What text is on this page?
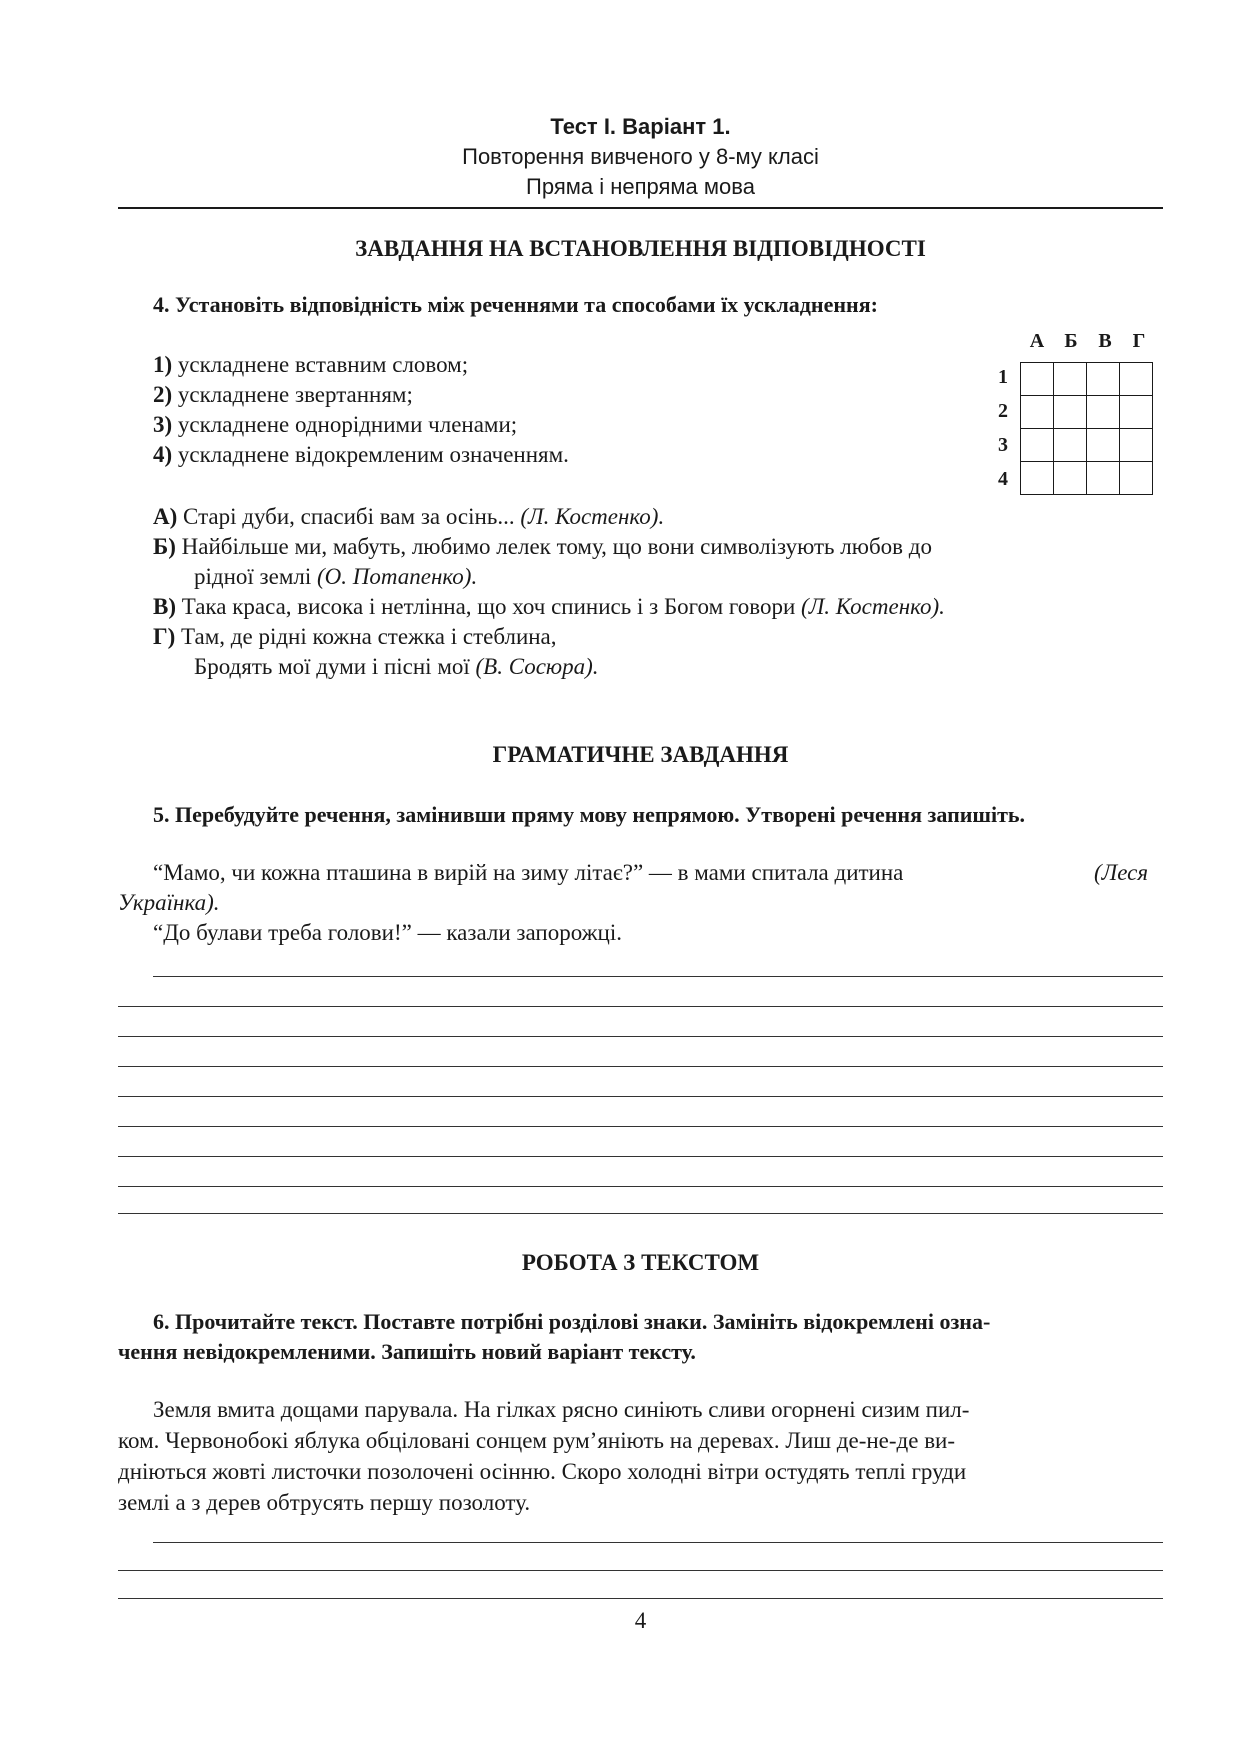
Тест I. Варіант 1.
Повторення вивченого у 8-му класі
Пряма і непряма мова
ЗАВДАННЯ НА ВСТАНОВЛЕННЯ ВІДПОВІДНОСТІ
4. Установіть відповідність між реченнями та способами їх ускладнення:
1) ускладнене вставним словом;
2) ускладнене звертанням;
3) ускладнене однорідними членами;
4) ускладнене відокремленим означенням.
А	Б	В	Г
1
2
3
4

А) Старі дуби, спасибі вам за осінь... (Л. Костенко).
Б) Найбільше ми, мабуть, любимо лелек тому, що вони символізують любов до
рідної землі (О. Потапенко).
В) Така краса, висока і нетлінна, що хоч спинись і з Богом говори (Л. Костенко).
Г) Там, де рідні кожна стежка і стеблина,
Бродять мої думи і пісні мої (В. Сосюра).
ГРАМАТИЧНЕ ЗАВДАННЯ
5. Перебудуйте речення, замінивши пряму мову непрямою. Утворені речення запишіть.
“Мамо, чи кожна пташина в вирій на зиму літає?” — в мами спитала дитина	(Леся
Українка).
“До булави треба голови!” — казали запорожці.
РОБОТА З ТЕКСТОМ
6. Прочитайте текст. Поставте потрібні розділові знаки. Замініть відокремлені озна-
чення невідокремленими. Запишіть новий варіант тексту.
Земля вмита дощами парувала. На гілках рясно синіють сливи огорнені сизим пил-
ком. Червонобокі яблука обцiловані сонцем рум’яніють на деревах. Лиш де-не-де ви-
дніються жовті листочки позолочені осінню. Скоро холодні вітри остудять теплі груди
землі а з дерев обтрусять першу позолоту.
4
